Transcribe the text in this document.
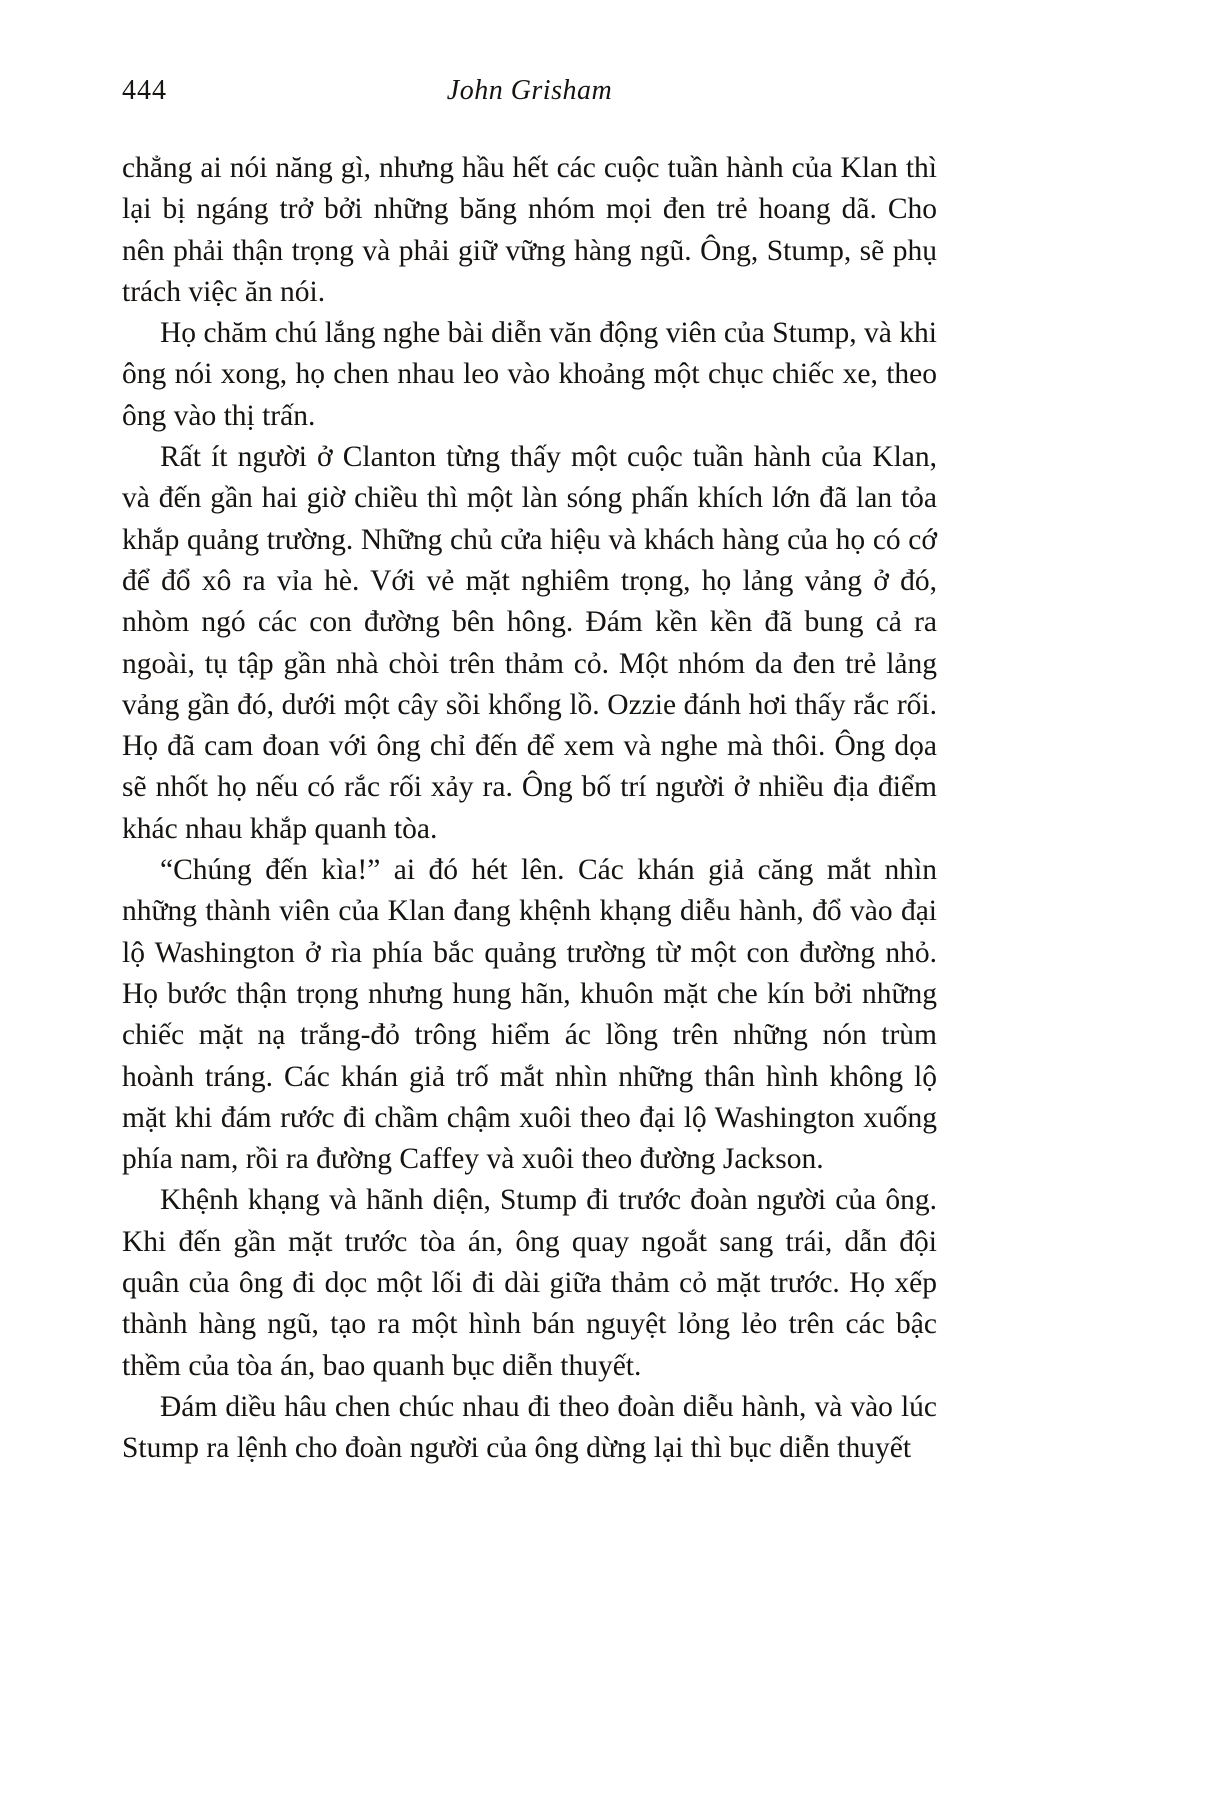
444	John Grisham

chẳng ai nói năng gì, nhưng hầu hết các cuộc tuần hành của Klan thì lại bị ngáng trở bởi những băng nhóm mọi đen trẻ hoang dã. Cho nên phải thận trọng và phải giữ vững hàng ngũ. Ông, Stump, sẽ phụ trách việc ăn nói.

Họ chăm chú lắng nghe bài diễn văn động viên của Stump, và khi ông nói xong, họ chen nhau leo vào khoảng một chục chiếc xe, theo ông vào thị trấn.

Rất ít người ở Clanton từng thấy một cuộc tuần hành của Klan, và đến gần hai giờ chiều thì một làn sóng phấn khích lớn đã lan tỏa khắp quảng trường. Những chủ cửa hiệu và khách hàng của họ có cớ để đổ xô ra vỉa hè. Với vẻ mặt nghiêm trọng, họ lảng vảng ở đó, nhòm ngó các con đường bên hông. Đám kền kền đã bung cả ra ngoài, tụ tập gần nhà chòi trên thảm cỏ. Một nhóm da đen trẻ lảng vảng gần đó, dưới một cây sồi khổng lồ. Ozzie đánh hơi thấy rắc rối. Họ đã cam đoan với ông chỉ đến để xem và nghe mà thôi. Ông dọa sẽ nhốt họ nếu có rắc rối xảy ra. Ông bố trí người ở nhiều địa điểm khác nhau khắp quanh tòa.

“Chúng đến kìa!” ai đó hét lên. Các khán giả căng mắt nhìn những thành viên của Klan đang khệnh khạng diễu hành, đổ vào đại lộ Washington ở rìa phía bắc quảng trường từ một con đường nhỏ. Họ bước thận trọng nhưng hung hãn, khuôn mặt che kín bởi những chiếc mặt nạ trắng-đỏ trông hiểm ác lồng trên những nón trùm hoành tráng. Các khán giả trố mắt nhìn những thân hình không lộ mặt khi đám rước đi chầm chậm xuôi theo đại lộ Washington xuống phía nam, rồi ra đường Caffey và xuôi theo đường Jackson.

Khệnh khạng và hãnh diện, Stump đi trước đoàn người của ông. Khi đến gần mặt trước tòa án, ông quay ngoắt sang trái, dẫn đội quân của ông đi dọc một lối đi dài giữa thảm cỏ mặt trước. Họ xếp thành hàng ngũ, tạo ra một hình bán nguyệt lỏng lẻo trên các bậc thềm của tòa án, bao quanh bục diễn thuyết.

Đám diều hâu chen chúc nhau đi theo đoàn diễu hành, và vào lúc Stump ra lệnh cho đoàn người của ông dừng lại thì bục diễn thuyết
